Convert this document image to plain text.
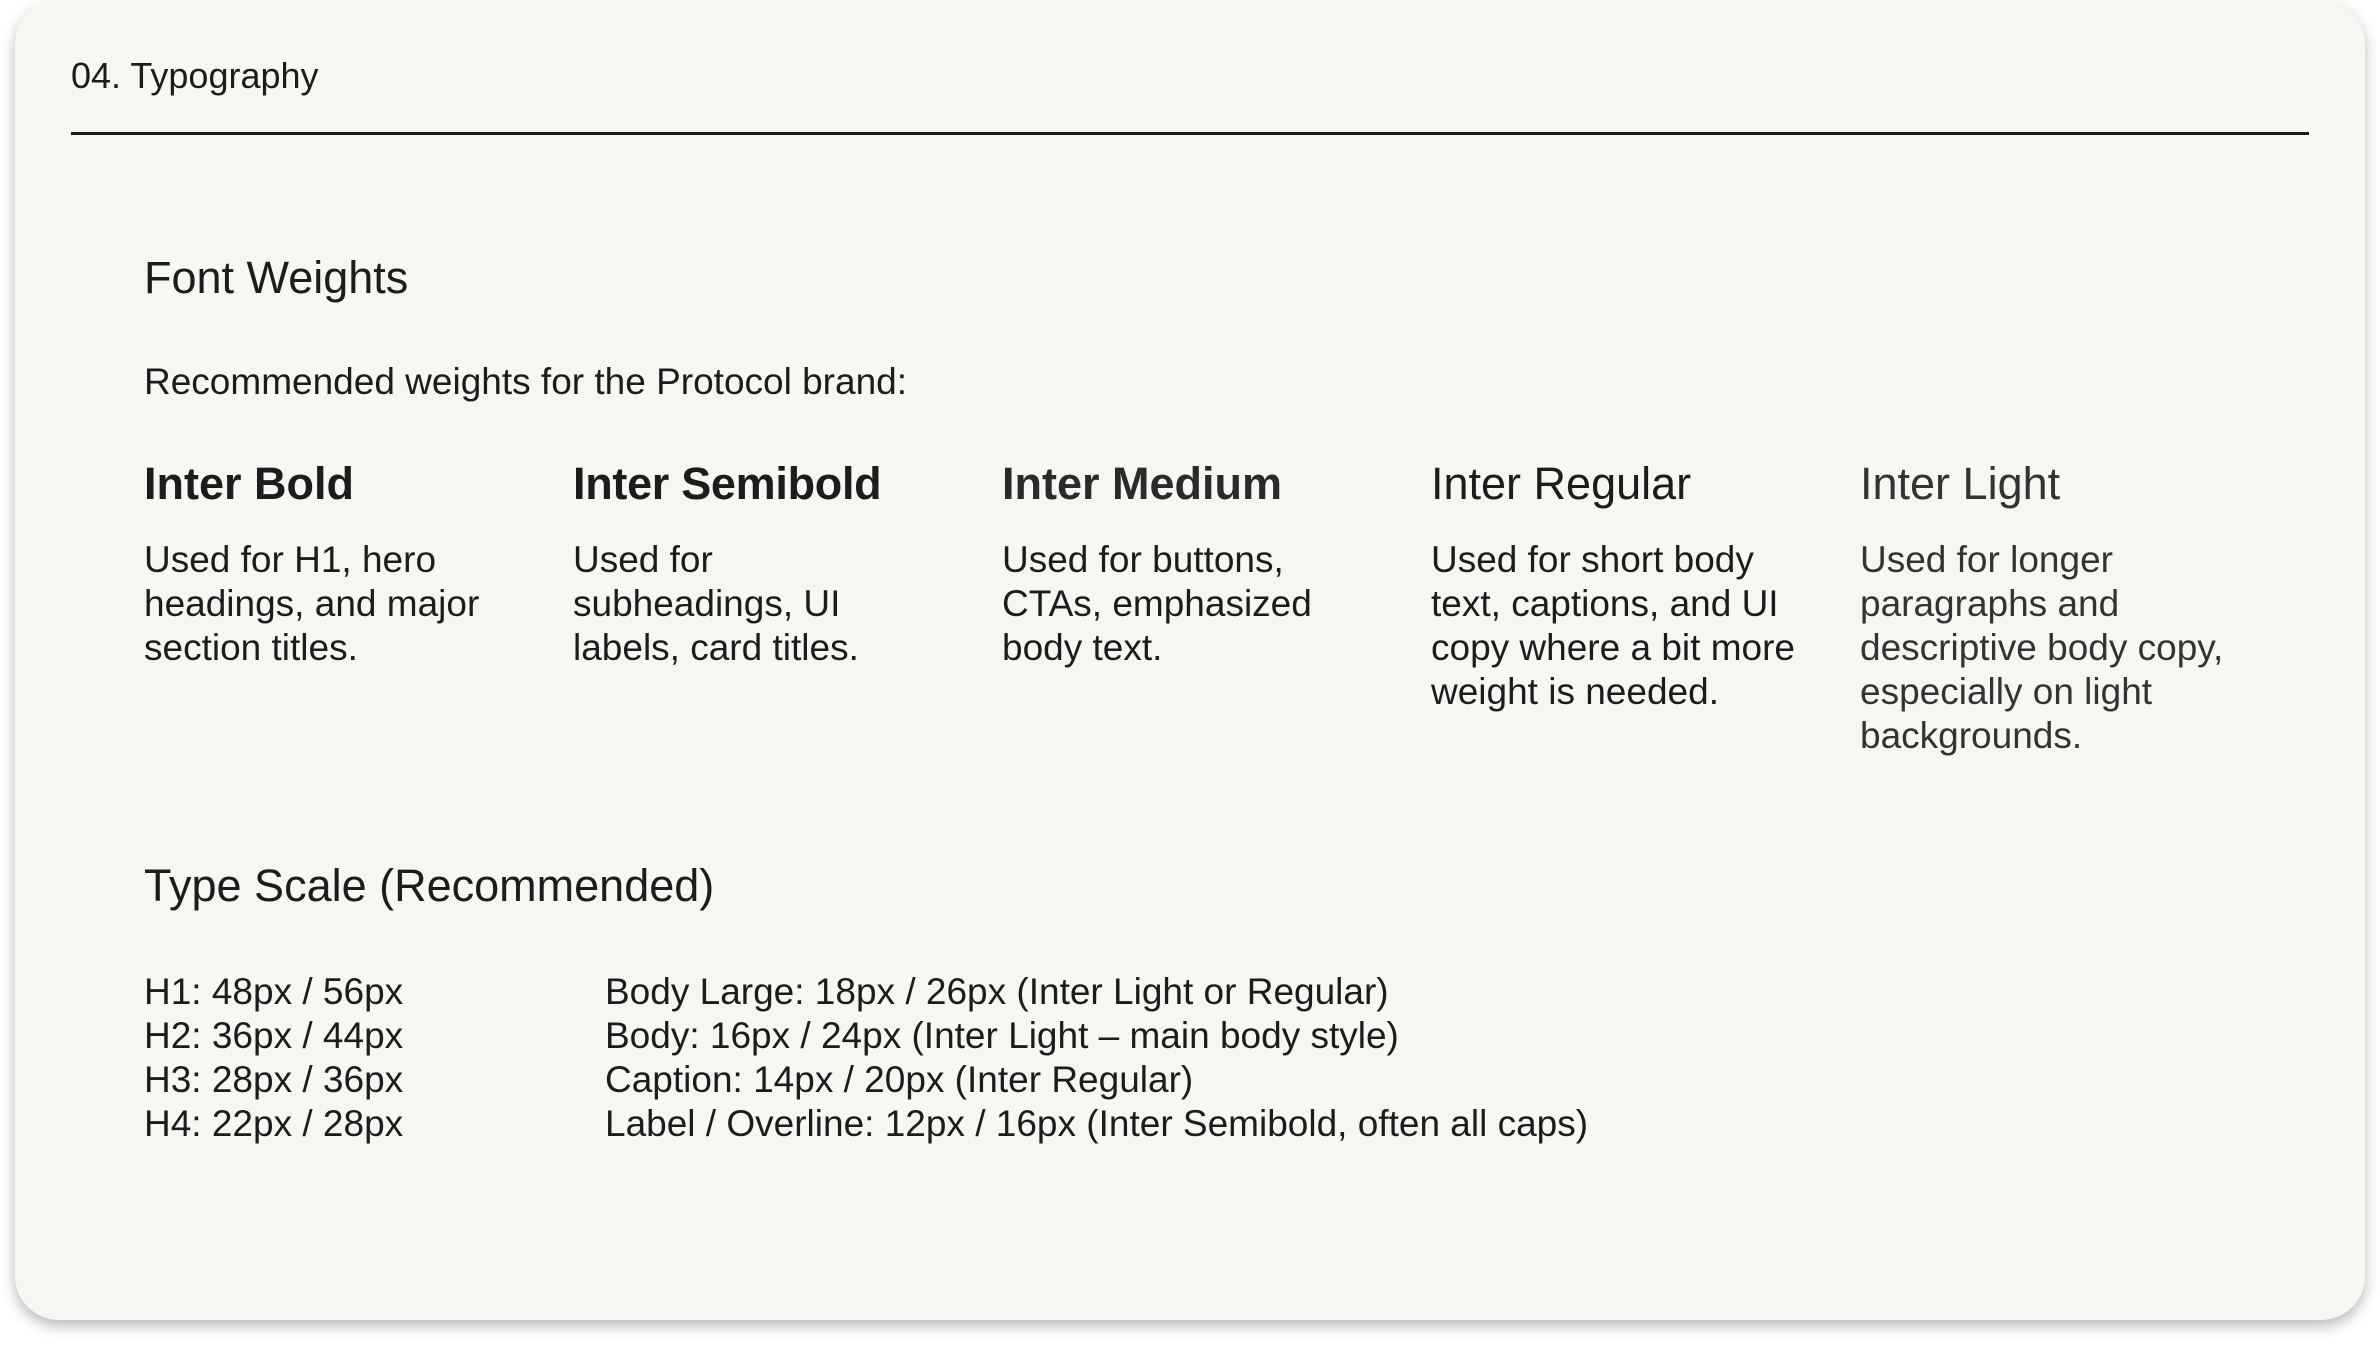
04. Typography
Font Weights
Recommended weights for the Protocol brand:
Inter Bold

Used for H1, hero headings, and major section titles.

Inter Semibold

Used for subheadings, UI labels, card titles.

Inter Medium

Used for buttons, CTAs, emphasized body text.

Inter Regular

Used for short body text, captions, and UI copy where a bit more weight is needed.

Inter Light

Used for longer paragraphs and descriptive body copy, especially on light backgrounds.

Type Scale (Recommended)
H1: 48px / 56px
H2: 36px / 44px
H3: 28px / 36px
H4: 22px / 28px
Body Large: 18px / 26px (Inter Light or Regular)
Body: 16px / 24px (Inter Light – main body style)
Caption: 14px / 20px (Inter Regular)
Label / Overline: 12px / 16px (Inter Semibold, often all caps)
